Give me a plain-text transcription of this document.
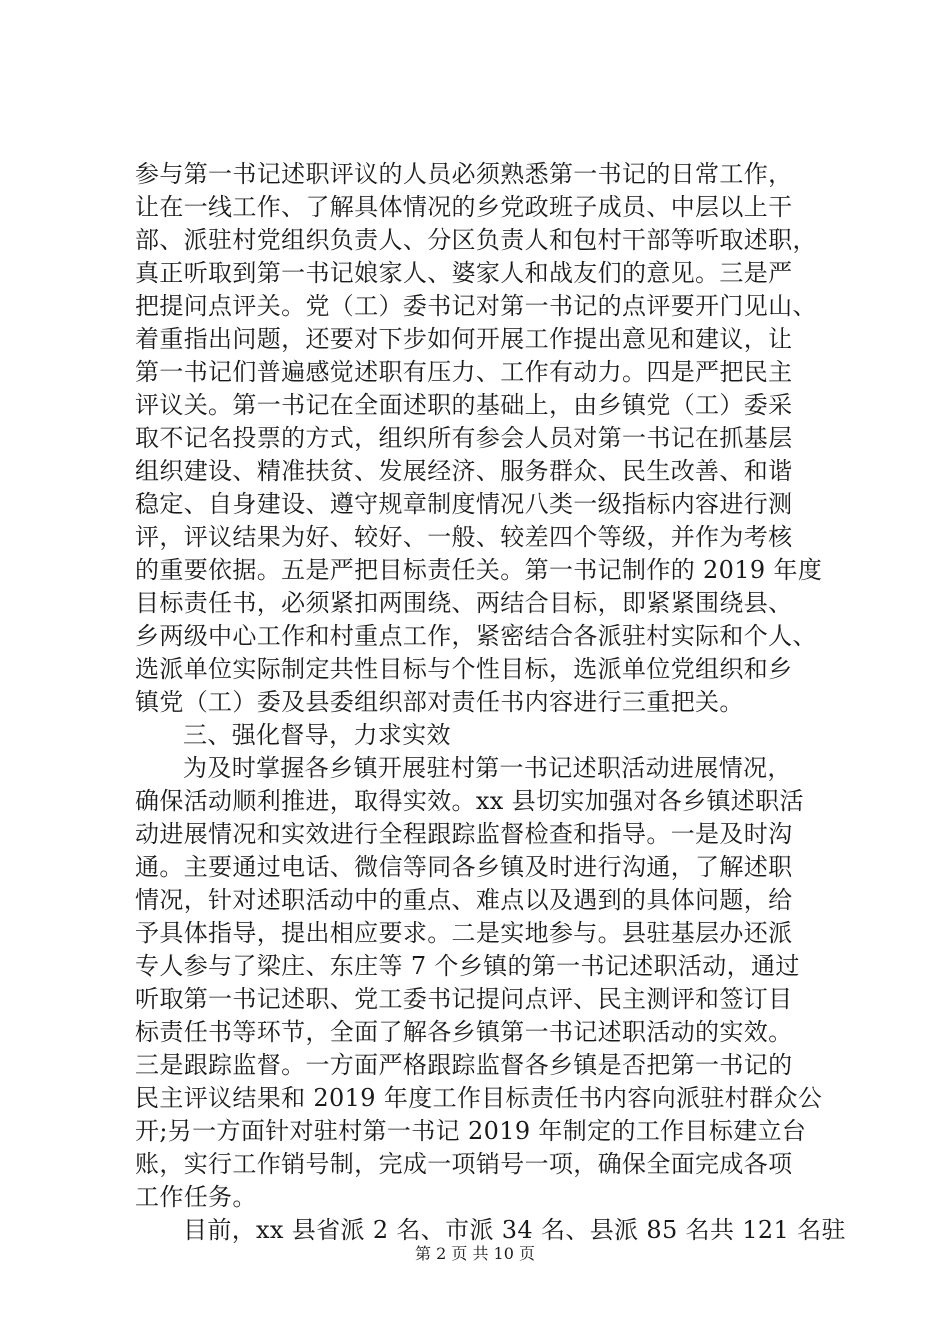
参与第一书记述职评议的人员必须熟悉第一书记的日常工作，
让在一线工作、了解具体情况的乡党政班子成员、中层以上干
部、派驻村党组织负责人、分区负责人和包村干部等听取述职，
真正听取到第一书记娘家人、婆家人和战友们的意见。三是严
把提问点评关。党（工）委书记对第一书记的点评要开门见山、
着重指出问题，还要对下步如何开展工作提出意见和建议，让
第一书记们普遍感觉述职有压力、工作有动力。四是严把民主
评议关。第一书记在全面述职的基础上，由乡镇党（工）委采
取不记名投票的方式，组织所有参会人员对第一书记在抓基层
组织建设、精准扶贫、发展经济、服务群众、民生改善、和谐
稳定、自身建设、遵守规章制度情况八类一级指标内容进行测
评，评议结果为好、较好、一般、较差四个等级，并作为考核
的重要依据。五是严把目标责任关。第一书记制作的 2019 年度
目标责任书，必须紧扣两围绕、两结合目标，即紧紧围绕县、
乡两级中心工作和村重点工作，紧密结合各派驻村实际和个人、
选派单位实际制定共性目标与个性目标，选派单位党组织和乡
镇党（工）委及县委组织部对责任书内容进行三重把关。
三、强化督导，力求实效
为及时掌握各乡镇开展驻村第一书记述职活动进展情况，
确保活动顺利推进，取得实效。xx 县切实加强对各乡镇述职活
动进展情况和实效进行全程跟踪监督检查和指导。一是及时沟
通。主要通过电话、微信等同各乡镇及时进行沟通，了解述职
情况，针对述职活动中的重点、难点以及遇到的具体问题，给
予具体指导，提出相应要求。二是实地参与。县驻基层办还派
专人参与了梁庄、东庄等 7 个乡镇的第一书记述职活动，通过
听取第一书记述职、党工委书记提问点评、民主测评和签订目
标责任书等环节，全面了解各乡镇第一书记述职活动的实效。
三是跟踪监督。一方面严格跟踪监督各乡镇是否把第一书记的
民主评议结果和 2019 年度工作目标责任书内容向派驻村群众公
开;另一方面针对驻村第一书记 2019 年制定的工作目标建立台
账，实行工作销号制，完成一项销号一项，确保全面完成各项
工作任务。
目前，xx 县省派 2 名、市派 34 名、县派 85 名共 121 名驻
第 2 页 共 10 页
